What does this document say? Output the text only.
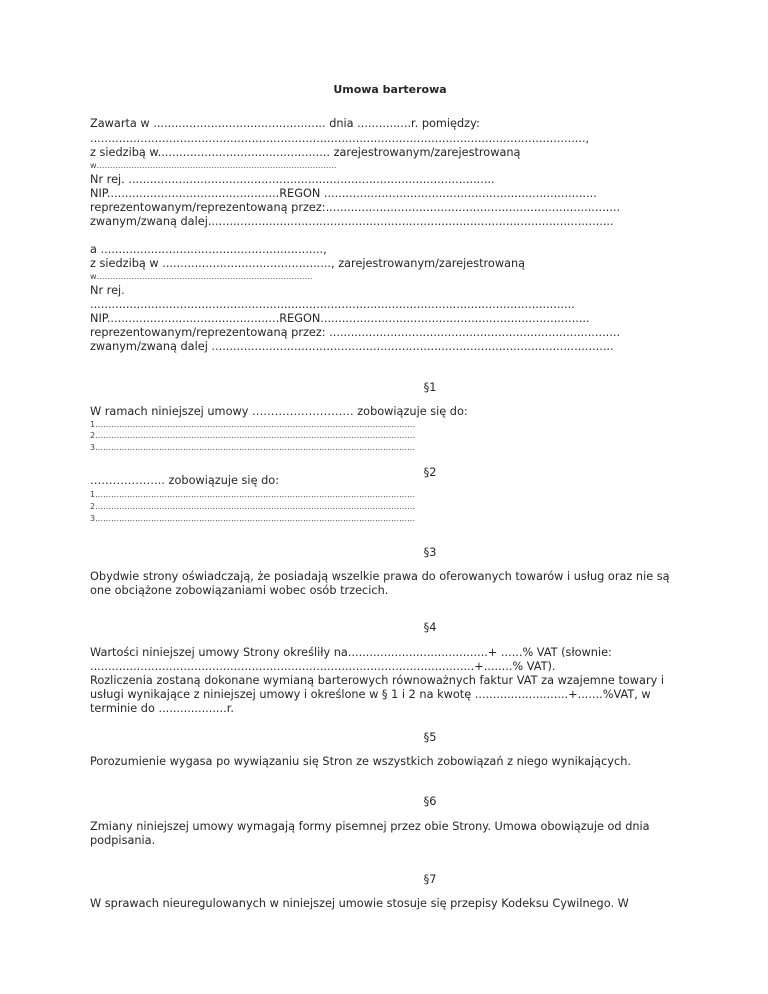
Umowa barterowa
Zawarta w ................................................ dnia ...............r. pomiędzy:
..........................................................................................................................................,
z siedzibą w................................................ zarejestrowanym/zarejestrowaną
w………………………………………………………………………………
Nr rej. ......................................................................................................
NIP................................................REGON ............................................................................
reprezentowanym/reprezentowaną przez:..................................................................................
zwanym/zwaną dalej.................................................................................................................
a ..............................................................,
z siedzibą w ..............................................., zarejestrowanym/zarejestrowaną
w………………………………………………………………………
Nr rej.
.......................................................................................................................................
NIP................................................REGON...........................................................................
reprezentowanym/reprezentowaną przez: .................................................................................
zwanym/zwaną dalej ................................................................................................................
§1
W ramach niniejszej umowy ……………………… zobowiązuje się do:
1…………………………………………………………………………………………………………
2…………………………………………………………………………………………………………
3…………………………………………………………………………………………………………
§2
……………….. zobowiązuje się do:
1…………………………………………………………………………………………………………
2…………………………………………………………………………………………………………
3…………………………………………………………………………………………………………
§3
Obydwie strony oświadczają, że posiadają wszelkie prawa do oferowanych towarów i usług oraz nie są one obciążone zobowiązaniami wobec osób trzecich.
§4
Wartości niniejszej umowy Strony określiły na.......................................+ ......% VAT (słownie:
...........................................................................................................+........% VAT).
Rozliczenia zostaną dokonane wymianą barterowych równoważnych faktur VAT za wzajemne towary i usługi wynikające z niniejszej umowy i określone w § 1 i 2 na kwotę ..........................+.......%VAT, w terminie do ...................r.
§5
Porozumienie wygasa po wywiązaniu się Stron ze wszystkich zobowiązań z niego wynikających.
§6
Zmiany niniejszej umowy wymagają formy pisemnej przez obie Strony. Umowa obowiązuje od dnia podpisania.
§7
W sprawach nieuregulowanych w niniejszej umowie stosuje się przepisy Kodeksu Cywilnego. W
